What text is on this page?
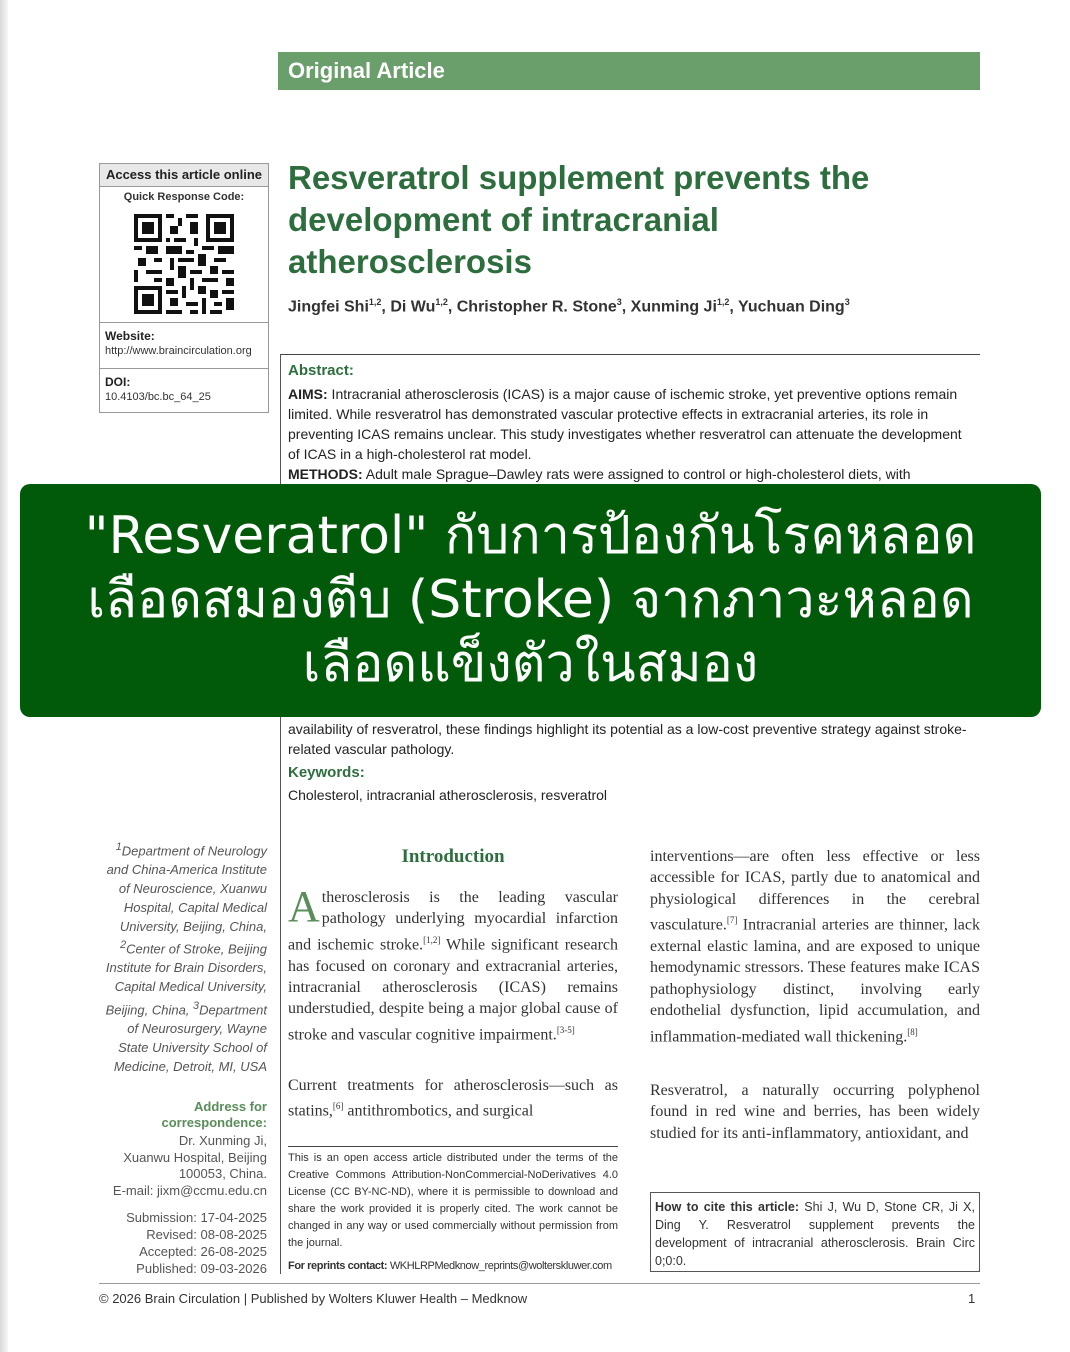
Original Article
Access this article online
Quick Response Code:
Website:
http://www.braincirculation.org
DOI:
10.4103/bc.bc_64_25
Resveratrol supplement prevents the development of intracranial atherosclerosis
Jingfei Shi$^{1,2}$, Di Wu$^{1,2}$, Christopher R. Stone$^3$, Xunming Ji$^{1,2}$, Yuchuan Ding$^3$
Abstract:
AIMS: Intracranial atherosclerosis (ICAS) is a major cause of ischemic stroke, yet preventive options remain limited. While resveratrol has demonstrated vascular protective effects in extracranial arteries, its role in preventing ICAS remains unclear. This study investigates whether resveratrol can attenuate the development of ICAS in a high-cholesterol rat model.
METHODS: Adult male Sprague–Dawley rats were assigned to control or high-cholesterol diets, with
availability of resveratrol, these findings highlight its potential as a low-cost preventive strategy against stroke-related vascular pathology.
"Resveratrol" กับการป้องกันโรคหลอด
เลือดสมองตีบ (Stroke) จากภาวะหลอด
เลือดแข็งตัวในสมอง
Keywords:
Cholesterol, intracranial atherosclerosis, resveratrol
$^1$Department of Neurology and China-America Institute of Neuroscience, Xuanwu Hospital, Capital Medical University, Beijing, China, $^2$Center of Stroke, Beijing Institute for Brain Disorders, Capital Medical University, Beijing, China, $^3$Department of Neurosurgery, Wayne State University School of Medicine, Detroit, MI, USA
Address for correspondence:
Dr. Xunming Ji,
Xuanwu Hospital, Beijing
100053, China.
E-mail: jixm@ccmu.edu.cn
Submission: 17-04-2025
Revised: 08-08-2025
Accepted: 26-08-2025
Published: 09-03-2026
Introduction
Atherosclerosis is the leading vascular pathology underlying myocardial infarction and ischemic stroke.[1,2] While significant research has focused on coronary and extracranial arteries, intracranial atherosclerosis (ICAS) remains understudied, despite being a major global cause of stroke and vascular cognitive impairment.[3-5]
Current treatments for atherosclerosis—such as statins,[6] antithrombotics, and surgical
interventions—are often less effective or less accessible for ICAS, partly due to anatomical and physiological differences in the cerebral vasculature.[7] Intracranial arteries are thinner, lack external elastic lamina, and are exposed to unique hemodynamic stressors. These features make ICAS pathophysiology distinct, involving early endothelial dysfunction, lipid accumulation, and inflammation-mediated wall thickening.[8]
Resveratrol, a naturally occurring polyphenol found in red wine and berries, has been widely studied for its anti-inflammatory, antioxidant, and
This is an open access article distributed under the terms of the Creative Commons Attribution-NonCommercial-NoDerivatives 4.0 License (CC BY-NC-ND), where it is permissible to download and share the work provided it is properly cited. The work cannot be changed in any way or used commercially without permission from the journal.
For reprints contact: WKHLRPMedknow_reprints@wolterskluwer.com
How to cite this article: Shi J, Wu D, Stone CR, Ji X, Ding Y. Resveratrol supplement prevents the development of intracranial atherosclerosis. Brain Circ 0;0:0.
© 2026 Brain Circulation | Published by Wolters Kluwer Health – Medknow	1
